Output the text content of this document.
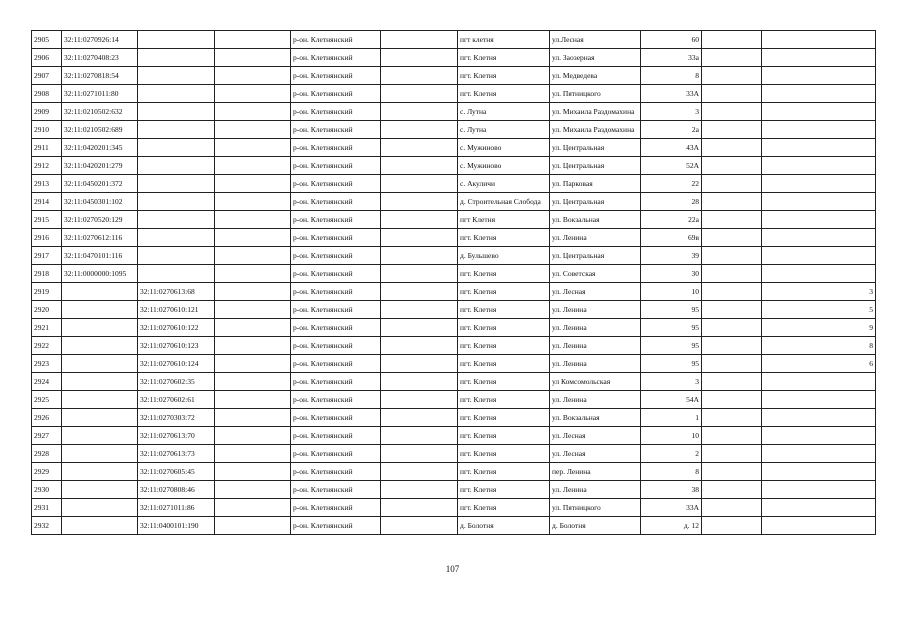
2905	32:11:0270926:14			р-он. Клетнянский		пгт клетня	ул.Лесная	60		
2906	32:11:0270408:23			р-он. Клетнянский		пгт. Клетня	ул. Заозерная	33а		
2907	32:11:0270818:54			р-он. Клетнянский		пгт. Клетня	ул. Медведева	8		
2908	32:11:0271011:80			р-он. Клетнянский		пгт. Клетня	ул. Пятницкого	33А		
2909	32:11:0210502:632			р-он. Клетнянский		с. Лутна	ул. Михаила Раздомахина	3		
2910	32:11:0210502:689			р-он. Клетнянский		с. Лутна	ул. Михаила Раздомахина	2а		
2911	32:11:0420201:345			р-он. Клетнянский		с. Мужиново	ул. Центральная	43А		
2912	32:11:0420201:279			р-он. Клетнянский		с. Мужиново	ул. Центральная	52А		
2913	32:11:0450201:372			р-он. Клетнянский		с. Акуличи	ул. Парковая	22		
2914	32:11:0450301:102			р-он. Клетнянский		д. Строительная Слобода	ул. Центральная	28		
2915	32:11:0270520:129			р-он. Клетнянский		пгт Клетня	ул. Вокзальная	22а		
2916	32:11:0270612:116			р-он. Клетнянский		пгт. Клетня	ул. Ленина	69в		
2917	32:11:0470101:116			р-он. Клетнянский		д. Бульшево	ул. Центральная	39		
2918	32:11:0000000:1095			р-он. Клетнянский		пгт. Клетня	ул. Советская	30		
2919		32:11:0270613:68		р-он. Клетнянский		пгт. Клетня	ул. Лесная	10		3
2920		32:11:0270610:121		р-он. Клетнянский		пгт. Клетня	ул. Ленина	95		5
2921		32:11:0270610:122		р-он. Клетнянский		пгт. Клетня	ул. Ленина	95		9
2922		32:11:0270610:123		р-он. Клетнянский		пгт. Клетня	ул. Ленина	95		8
2923		32:11:0270610:124		р-он. Клетнянский		пгт. Клетня	ул. Ленина	95		6
2924		32:11:0270602:35		р-он. Клетнянский		пгт. Клетня	ул Комсомольская	3		
2925		32:11:0270602:61		р-он. Клетнянский		пгт. Клетня	ул. Ленина	54А		
2926		32:11:0270303:72		р-он. Клетнянский		пгт. Клетня	ул. Вокзальная	1		
2927		32:11:0270613:70		р-он. Клетнянский		пгт. Клетня	ул. Лесная	10		
2928		32:11:0270613:73		р-он. Клетнянский		пгт. Клетня	ул. Лесная	2		
2929		32:11:0270605:45		р-он. Клетнянский		пгт. Клетня	пер. Ленина	8		
2930		32:11:0270808:46		р-он. Клетнянский		пгт. Клетня	ул. Ленина	38		
2931		32:11:0271011:86		р-он. Клетнянский		пгт. Клетня	ул. Пятницкого	33А		
2932		32:11:0400101:190		р-он. Клетнянский		д. Болотня	д. Болотня	д. 12		
107
